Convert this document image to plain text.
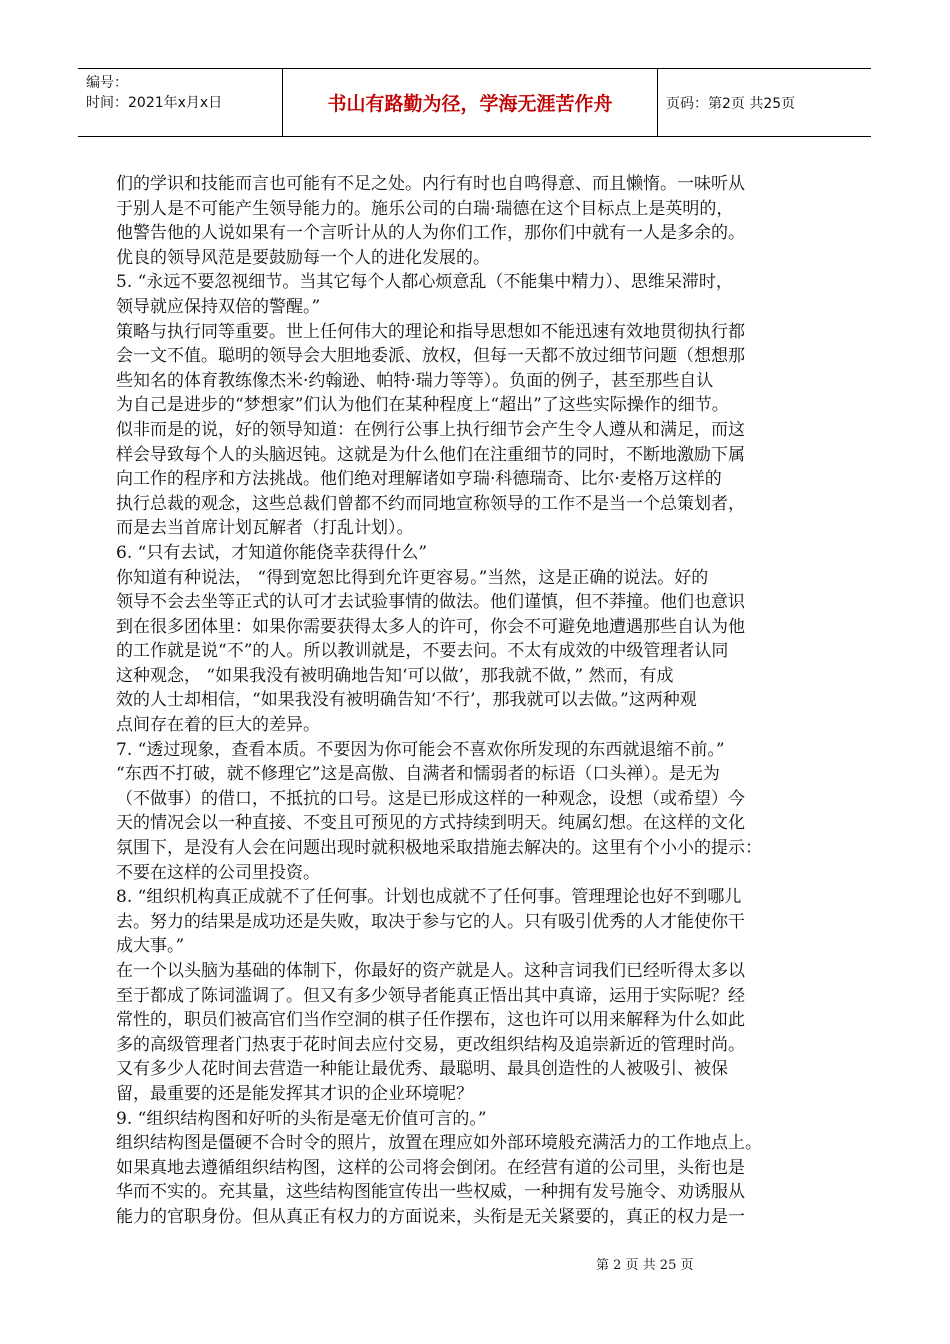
编号：
时间：2021年x月x日	书山有路勤为径，学海无涯苦作舟	页码：第2页 共25页
们的学识和技能而言也可能有不足之处。内行有时也自鸣得意、而且懒惰。一味听从
于别人是不可能产生领导能力的。施乐公司的白瑞·瑞德在这个目标点上是英明的，
他警告他的人说如果有一个言听计从的人为你们工作，那你们中就有一人是多余的。
优良的领导风范是要鼓励每一个人的进化发展的。
5. “永远不要忽视细节。当其它每个人都心烦意乱（不能集中精力）、思维呆滞时，
领导就应保持双倍的警醒。”
策略与执行同等重要。世上任何伟大的理论和指导思想如不能迅速有效地贯彻执行都
会一文不值。聪明的领导会大胆地委派、放权，但每一天都不放过细节问题（想想那
些知名的体育教练像杰米·约翰逊、帕特·瑞力等等）。负面的例子，甚至那些自认
为自己是进步的“梦想家”们认为他们在某种程度上“超出”了这些实际操作的细节。
似非而是的说，好的领导知道：在例行公事上执行细节会产生令人遵从和满足，而这
样会导致每个人的头脑迟钝。这就是为什么他们在注重细节的同时，不断地激励下属
向工作的程序和方法挑战。他们绝对理解诸如亨瑞·科德瑞奇、比尔·麦格万这样的
执行总裁的观念，这些总裁们曾都不约而同地宣称领导的工作不是当一个总策划者，
而是去当首席计划瓦解者（打乱计划）。
6. “只有去试，才知道你能侥幸获得什么”
你知道有种说法， “得到宽恕比得到允许更容易。”当然，这是正确的说法。好的
领导不会去坐等正式的认可才去试验事情的做法。他们谨慎，但不莽撞。他们也意识
到在很多团体里：如果你需要获得太多人的许可，你会不可避免地遭遇那些自认为他
的工作就是说“不”的人。所以教训就是，不要去问。不太有成效的中级管理者认同
这种观念， “如果我没有被明确地告知‘可以做’，那我就不做，” 然而，有成
效的人士却相信，“如果我没有被明确告知‘不行’，那我就可以去做。”这两种观
点间存在着的巨大的差异。
7. “透过现象，查看本质。不要因为你可能会不喜欢你所发现的东西就退缩不前。”
“东西不打破，就不修理它”这是高傲、自满者和懦弱者的标语（口头禅）。是无为
（不做事）的借口，不抵抗的口号。这是已形成这样的一种观念，设想（或希望）今
天的情况会以一种直接、不变且可预见的方式持续到明天。纯属幻想。在这样的文化
氛围下，是没有人会在问题出现时就积极地采取措施去解决的。这里有个小小的提示：
不要在这样的公司里投资。
8. “组织机构真正成就不了任何事。计划也成就不了任何事。管理理论也好不到哪儿
去。努力的结果是成功还是失败，取决于参与它的人。只有吸引优秀的人才能使你干
成大事。”
在一个以头脑为基础的体制下，你最好的资产就是人。这种言词我们已经听得太多以
至于都成了陈词滥调了。但又有多少领导者能真正悟出其中真谛，运用于实际呢？经
常性的，职员们被高官们当作空洞的棋子任作摆布，这也许可以用来解释为什么如此
多的高级管理者门热衷于花时间去应付交易，更改组织结构及追崇新近的管理时尚。
又有多少人花时间去营造一种能让最优秀、最聪明、最具创造性的人被吸引、被保
留，最重要的还是能发挥其才识的企业环境呢？
9. “组织结构图和好听的头衔是毫无价值可言的。”
组织结构图是僵硬不合时令的照片，放置在理应如外部环境般充满活力的工作地点上。
如果真地去遵循组织结构图，这样的公司将会倒闭。在经营有道的公司里，头衔也是
华而不实的。充其量，这些结构图能宣传出一些权威，一种拥有发号施令、劝诱服从
能力的官职身份。但从真正有权力的方面说来，头衔是无关紧要的，真正的权力是一
第 2 页 共 25 页
